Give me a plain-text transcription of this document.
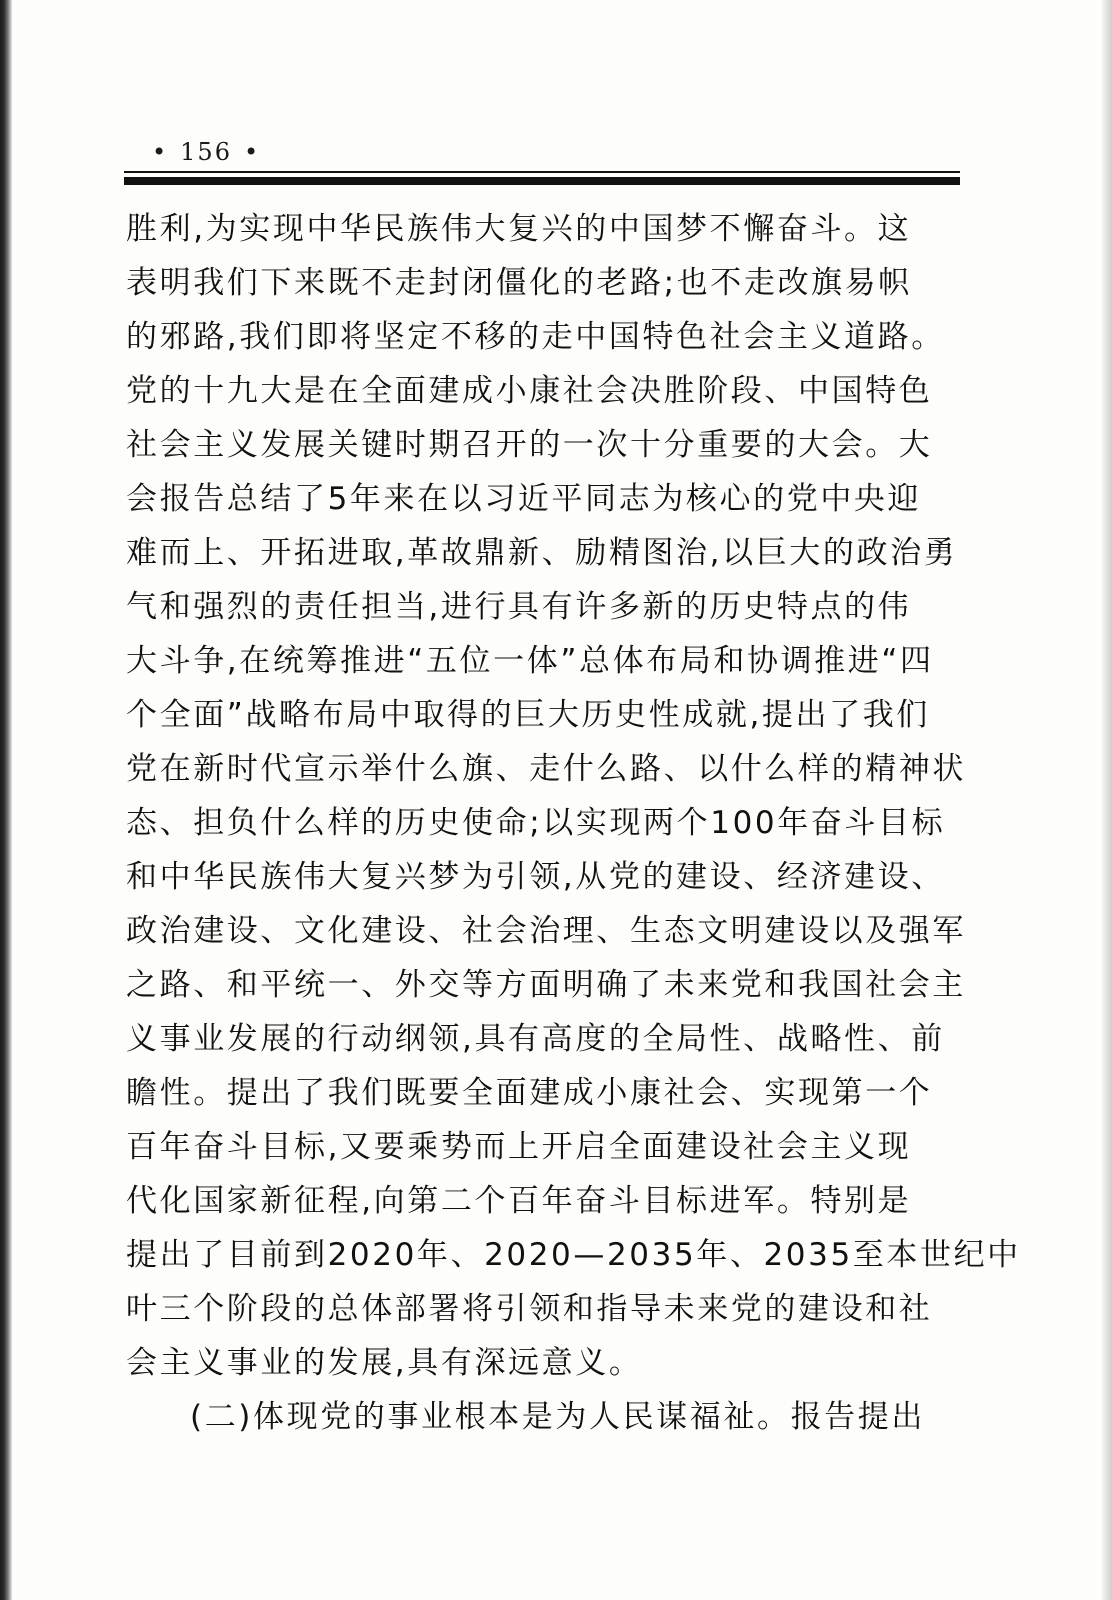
• 156 •
胜利,为实现中华民族伟大复兴的中国梦不懈奋斗。这
表明我们下来既不走封闭僵化的老路;也不走改旗易帜
的邪路,我们即将坚定不移的走中国特色社会主义道路。
党的十九大是在全面建成小康社会决胜阶段、中国特色
社会主义发展关键时期召开的一次十分重要的大会。大
会报告总结了5年来在以习近平同志为核心的党中央迎
难而上、开拓进取,革故鼎新、励精图治,以巨大的政治勇
气和强烈的责任担当,进行具有许多新的历史特点的伟
大斗争,在统筹推进“五位一体”总体布局和协调推进“四
个全面”战略布局中取得的巨大历史性成就,提出了我们
党在新时代宣示举什么旗、走什么路、以什么样的精神状
态、担负什么样的历史使命;以实现两个100年奋斗目标
和中华民族伟大复兴梦为引领,从党的建设、经济建设、
政治建设、文化建设、社会治理、生态文明建设以及强军
之路、和平统一、外交等方面明确了未来党和我国社会主
义事业发展的行动纲领,具有高度的全局性、战略性、前
瞻性。提出了我们既要全面建成小康社会、实现第一个
百年奋斗目标,又要乘势而上开启全面建设社会主义现
代化国家新征程,向第二个百年奋斗目标进军。特别是
提出了目前到2020年、2020—2035年、2035至本世纪中
叶三个阶段的总体部署将引领和指导未来党的建设和社
会主义事业的发展,具有深远意义。
(二)体现党的事业根本是为人民谋福祉。报告提出
